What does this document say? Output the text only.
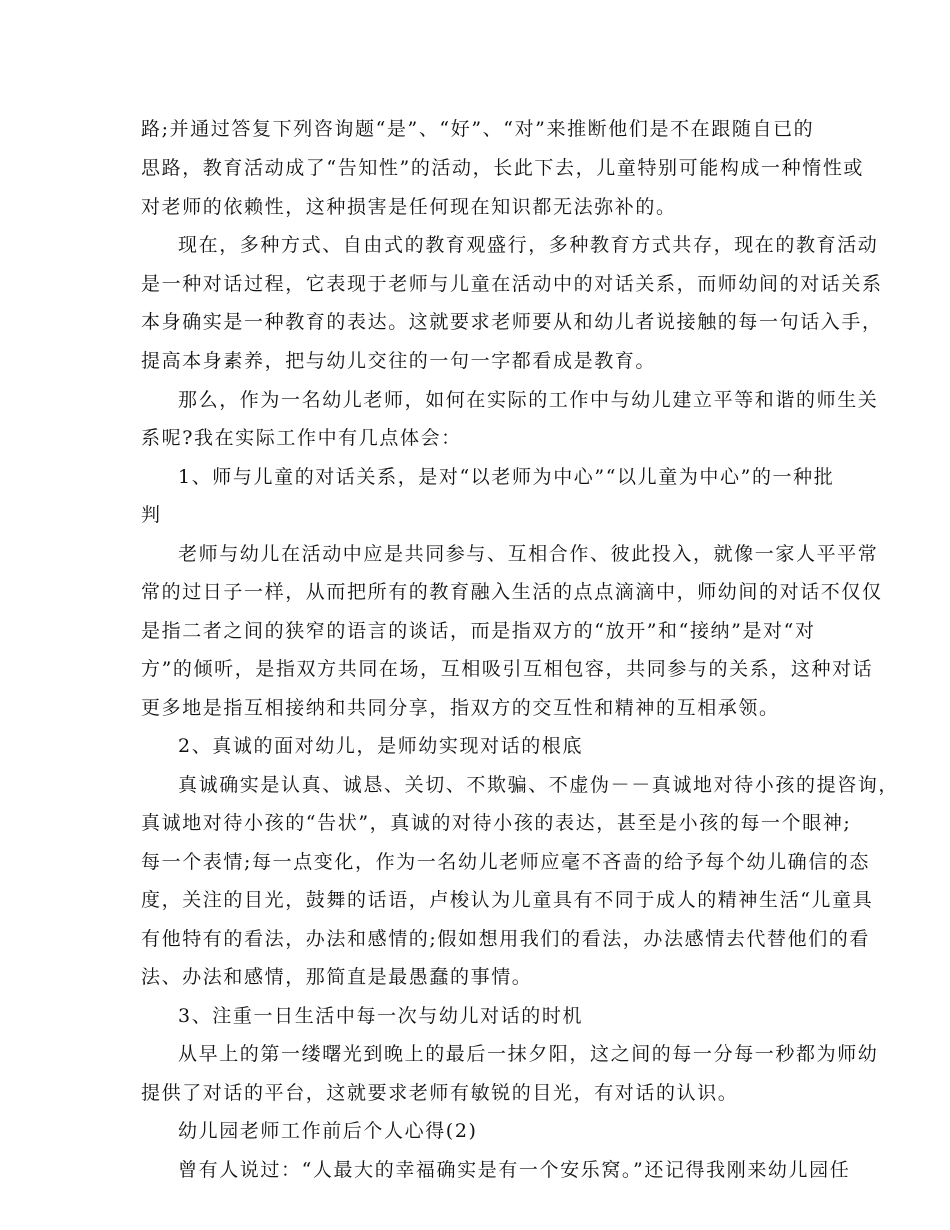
路;并通过答复下列咨询题“是”、“好”、“对”来推断他们是不在跟随自已的
思路，教育活动成了“告知性”的活动，长此下去，儿童特别可能构成一种惰性或
对老师的依赖性，这种损害是任何现在知识都无法弥补的。
现在，多种方式、自由式的教育观盛行，多种教育方式共存，现在的教育活动
是一种对话过程，它表现于老师与儿童在活动中的对话关系，而师幼间的对话关系
本身确实是一种教育的表达。这就要求老师要从和幼儿者说接触的每一句话入手，
提高本身素养，把与幼儿交往的一句一字都看成是教育。
那么，作为一名幼儿老师，如何在实际的工作中与幼儿建立平等和谐的师生关
系呢?我在实际工作中有几点体会：
1、师与儿童的对话关系，是对“以老师为中心”“以儿童为中心”的一种批
判
老师与幼儿在活动中应是共同参与、互相合作、彼此投入，就像一家人平平常
常的过日子一样，从而把所有的教育融入生活的点点滴滴中，师幼间的对话不仅仅
是指二者之间的狭窄的语言的谈话，而是指双方的“放开”和“接纳”是对“对
方”的倾听，是指双方共同在场，互相吸引互相包容，共同参与的关系，这种对话
更多地是指互相接纳和共同分享，指双方的交互性和精神的互相承领。
2、真诚的面对幼儿，是师幼实现对话的根底
真诚确实是认真、诚恳、关切、不欺骗、不虚伪－－真诚地对待小孩的提咨询，
真诚地对待小孩的“告状”，真诚的对待小孩的表达，甚至是小孩的每一个眼神;
每一个表情;每一点变化，作为一名幼儿老师应毫不吝啬的给予每个幼儿确信的态
度，关注的目光，鼓舞的话语，卢梭认为儿童具有不同于成人的精神生活“儿童具
有他特有的看法，办法和感情的;假如想用我们的看法，办法感情去代替他们的看
法、办法和感情，那简直是最愚蠢的事情。
3、注重一日生活中每一次与幼儿对话的时机
从早上的第一缕曙光到晚上的最后一抹夕阳，这之间的每一分每一秒都为师幼
提供了对话的平台，这就要求老师有敏锐的目光，有对话的认识。
幼儿园老师工作前后个人心得(2)
曾有人说过：“人最大的幸福确实是有一个安乐窝。”还记得我刚来幼儿园任
